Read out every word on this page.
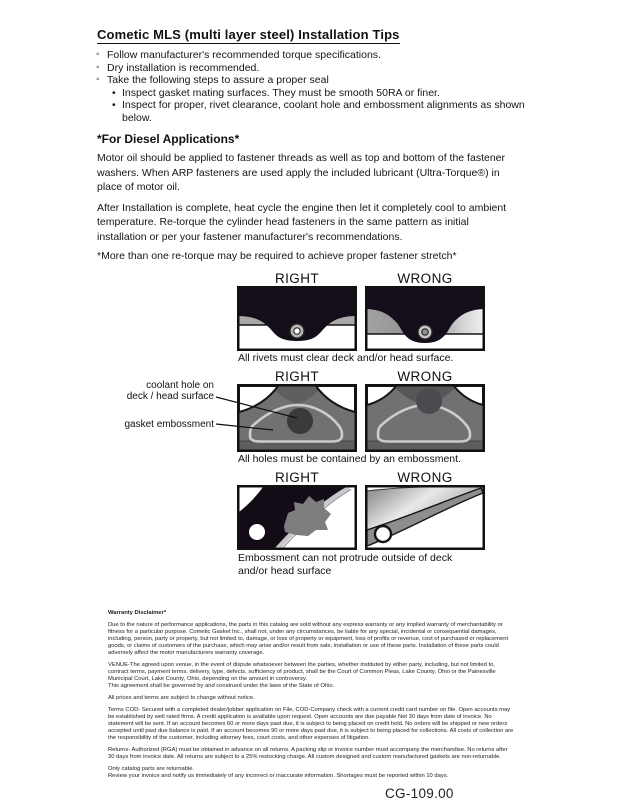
Cometic MLS (multi layer steel) Installation Tips
◦ Follow manufacturer's recommended torque specifications.
◦ Dry installation is recommended.
◦ Take the following steps to assure a proper seal
• Inspect gasket mating surfaces. They must be smooth 50RA or finer.
• Inspect for proper, rivet clearance, coolant hole and embossment alignments as shown below.
*For Diesel Applications*
Motor oil should be applied to fastener threads as well as top and bottom of the fastener washers. When ARP fasteners are used apply the included lubricant (Ultra-Torque®) in place of motor oil.
After Installation is complete, heat cycle the engine then let it completely cool to ambient temperature. Re-torque the cylinder head fasteners in the same pattern as initial installation or per your fastener manufacturer's recommendations.
*More than one re-torque may be required to achieve proper fastener stretch*
RIGHT	WRONG
All rivets must clear deck and/or head surface.
coolant hole on
deck / head surface
gasket embossment
RIGHT	WRONG
All holes must be contained by an embossment.
RIGHT	WRONG
Embossment can not protrude outside of deck
and/or head surface

Warranty Disclaimer*

Due to the nature of performance applications, the parts in this catalog are sold without any express warranty or any implied warranty of merchantability or fitness for a particular purpose. Cometic Gasket Inc., shall not, under any circumstances, be liable for any special, incidental or consequential damages, including, person, party or property, but not limited to, damage, or loss of property or equipment, loss of profits or revenue, cost of purchased or replacement goods, or claims of customers of the purchase, which may arise and/or result from sale, installation or use of these parts. Installation of these parts could adversely affect the motor manufacturers warranty coverage.

VENUE-The agreed upon venue, in the event of dispute whatsoever between the parties, whether instituted by either party, including, but not limited to, contract terms, payment terms, delivery, type, defects, sufficiency of product, shall be the Court of Common Pleas, Lake County, Ohio or the Painesville Municipal Court, Lake County, Ohio, depending on the amount in controversy.

This agreement shall be governed by and construed under the laws of the State of Ohio.

All prices and terms are subject to change without notice.

Terms COD- Secured with a completed dealer/jobber application on File, COD-Company check with a current credit card number on file. Open accounts may be established by well rated firms. A credit application is available upon request. Open accounts are due payable Net 30 days from date of invoice. No statement will be sent. If an account becomes 60 or more days past due, it is subject to being placed on credit hold. No orders will be shipped or new orders accepted until past due balance is paid. If an account becomes 90 or more days past due, it is subject to being placed for collections. All costs of collection are the responsibility of the customer, including attorney fees, court costs, and other expenses of litigation.

Returns- Authorized (RGA) must be obtained in advance on all returns. A packing slip or invoice number must accompany the merchandise. No returns after 30 days from invoice date. All returns are subject to a 25% restocking charge. All custom designed and custom manufactured gaskets are non-returnable.

Only catalog parts are returnable.

Review your invoice and notify us immediately of any incorrect or inaccurate information. Shortages must be reported within 10 days.

CG-109.00
